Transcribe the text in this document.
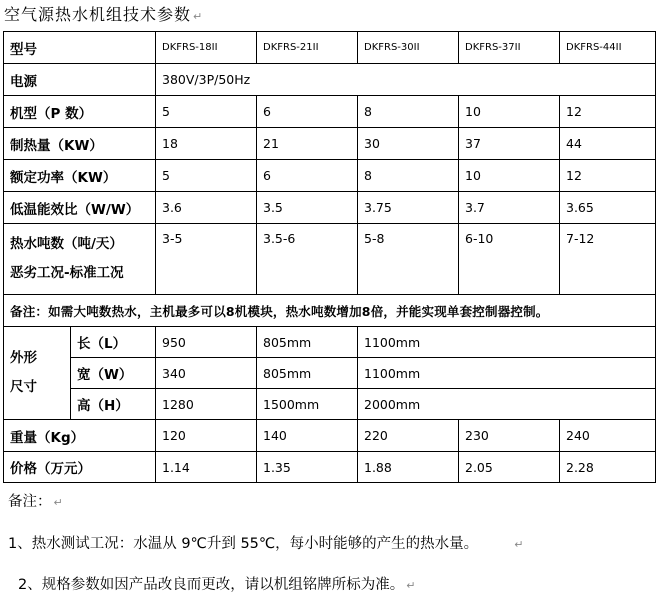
空气源热水机组技术参数 ↵
型号		DKFRS-18II	DKFRS-21II	DKFRS-30II	DKFRS-37II	DKFRS-44II
电源		380V/3P/50Hz				
机型（P 数）		5	6	8	10	12
制热量（KW）		18	21	30	37	44
额定功率（KW）		5	6	8	10	12
低温能效比（W/W）		3.6	3.5	3.75	3.7	3.65

热水吨数（吨/天）
恶劣工况-标准工况		3-5	3.5-6	5-8	6-10	7-12
备注：如需大吨数热水，主机最多可以8机模块，热水吨数增加8倍，并能实现单套控制器控制。						

外形
尺寸	长（L）	950	805mm	1100mm		
	宽（W）	340	805mm	1100mm		
	高（H）	1280	1500mm	2000mm		
重量（Kg）		120	140	220	230	240
价格（万元）		1.14	1.35	1.88	2.05	2.28
备注： ↵
1、热水测试工况：水温从 9℃升到 55℃，每小时能够的产生的热水量。	↵
2、规格参数如因产品改良而更改，请以机组铭牌所标为准。 ↵
